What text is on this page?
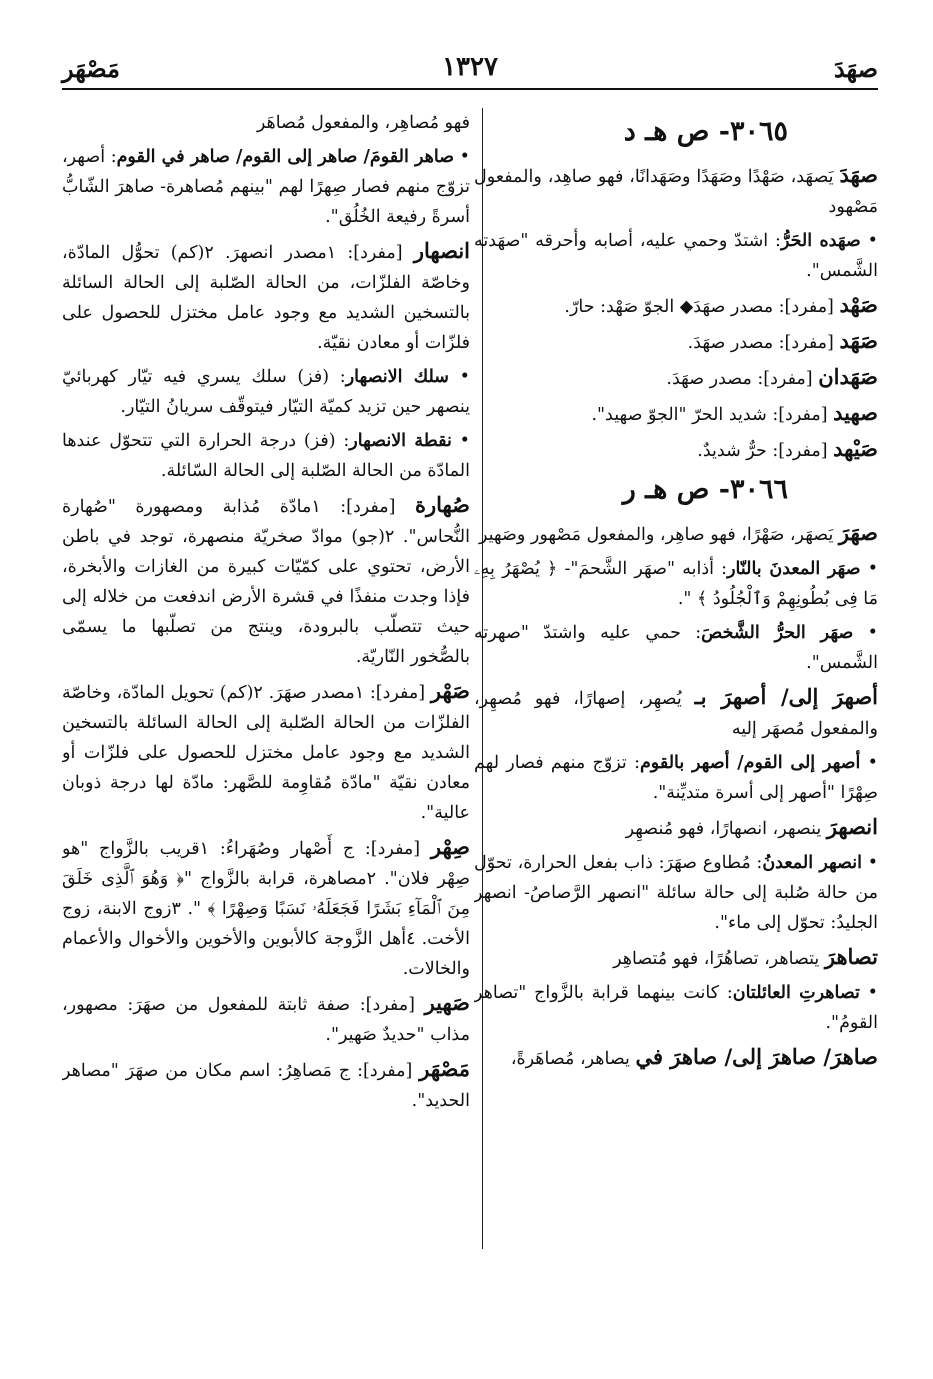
صهَدَ
١٣٢٧
مَصْهَر
٣٠٦٥- ص هـ د

صهَدَ يَصهَد، صَهْدًا وصَهَدًا وصَهَدانًا، فهو صاهِد، والمفعول مَصْهود

• صهَده الحَرُّ: اشتدّ وحمي عليه، أصابه وأحرقه "صهَدته الشَّمس".

صَهْد [مفرد]: مصدر صهَدَ◆ الجوّ صَهْد: حارّ.

صَهَد [مفرد]: مصدر صهَدَ.

صَهَدان [مفرد]: مصدر صهَدَ.

صهيد [مفرد]: شديد الحرّ "الجوّ صهيد".

صَيْهد [مفرد]: حرٌّ شديدٌ.

٣٠٦٦- ص هـ ر

صهَرَ يَصهَر، صَهْرًا، فهو صاهِر، والمفعول مَصْهور وصَهير

• صهَر المعدنَ بالنّار: أذابه "صهَر الشَّحمَ"- ﴿ يُصْهَرُ بِهِۦ مَا فِى بُطُونِهِمْ وَٱلْجُلُودُ ﴾ ".

• صهَر الحرُّ الشَّخصَ: حمي عليه واشتدّ "صهرته الشَّمس".

أصهرَ إلى/ أصهرَ بـ يُصهِر، إصهارًا، فهو مُصهِر، والمفعول مُصهَر إليه

• أصهر إلى القوم/ أصهر بالقوم: تزوّج منهم فصار لهم صِهْرًا "أصهر إلى أسرة متديِّنة".

انصهرَ ينصهر، انصهارًا، فهو مُنصهِر

• انصهر المعدنُ: مُطاوع صهَرَ: ذاب بفعل الحرارة، تحوّل من حالة صُلبة إلى حالة سائلة "انصهر الرَّصاصُ- انصهر الجليدُ: تحوّل إلى ماء".

تصاهرَ يتصاهر، تصاهُرًا، فهو مُتصاهِر

• تصاهرتِ العائلتان: كانت بينهما قرابة بالزَّواج "تصاهر القومُ".

صاهرَ/ صاهرَ إلى/ صاهرَ في يصاهر، مُصاهَرةً،

فهو مُصاهِر، والمفعول مُصاهَر

• صاهر القومَ/ صاهر إلى القوم/ صاهر في القوم: أصهر، تزوّج منهم فصار صِهرًا لهم "بينهم مُصاهرة- صاهرَ الشّابُّ أسرةً رفيعة الخُلُق".

انصهار [مفرد]: ١مصدر انصهرَ. ٢(كم) تحوُّل المادّة، وخاصّة الفلزّات، من الحالة الصّلبة إلى الحالة السائلة بالتسخين الشديد مع وجود عامل مختزل للحصول على فلزّات أو معادن نقيّة.

• سلك الانصهار: (فز) سلك يسري فيه تيّار كهربائيّ ينصهر حين تزيد كميّة التيّار فيتوقّف سريانُ التيّار.

• نقطة الانصهار: (فز) درجة الحرارة التي تتحوّل عندها المادّة من الحالة الصّلبة إلى الحالة السّائلة.

صُهارة [مفرد]: ١مادّة مُذابة ومصهورة "صُهارة النُّحاس". ٢(جو) موادّ صخريّة منصهرة، توجد في باطن الأرض، تحتوي على كمّيّات كبيرة من الغازات والأبخرة، فإذا وجدت منفذًا في قشرة الأرض اندفعت من خلاله إلى حيث تتصلّب بالبرودة، وينتج من تصلّبها ما يسمّى بالصُّخور النّاريّة.

صَهْر [مفرد]: ١مصدر صهَرَ. ٢(كم) تحويل المادّة، وخاصّة الفلزّات من الحالة الصّلبة إلى الحالة السائلة بالتسخين الشديد مع وجود عامل مختزل للحصول على فلزّات أو معادن نقيّة "مادّة مُقاوِمة للصَّهر: مادّة لها درجة ذوبان عالية".

صِهْر [مفرد]: ج أَصْهار وصُهَراءُ: ١قريب بالزَّواج "هو صِهْر فلان". ٢مصاهرة، قرابة بالزَّواج "﴿ وَهُوَ ٱلَّذِى خَلَقَ مِنَ ٱلْمَآءِ بَشَرًا فَجَعَلَهُۥ نَسَبًا وَصِهْرًا ﴾ ". ٣زوج الابنة، زوج الأخت. ٤أهل الزَّوجة كالأبوين والأخوين والأخوال والأعمام والخالات.

صَهير [مفرد]: صفة ثابتة للمفعول من صهَرَ: مصهور، مذاب "حديدٌ صَهير".

مَصْهَر [مفرد]: ج مَصاهِرُ: اسم مكان من صهَرَ "مصاهر الحديد".
